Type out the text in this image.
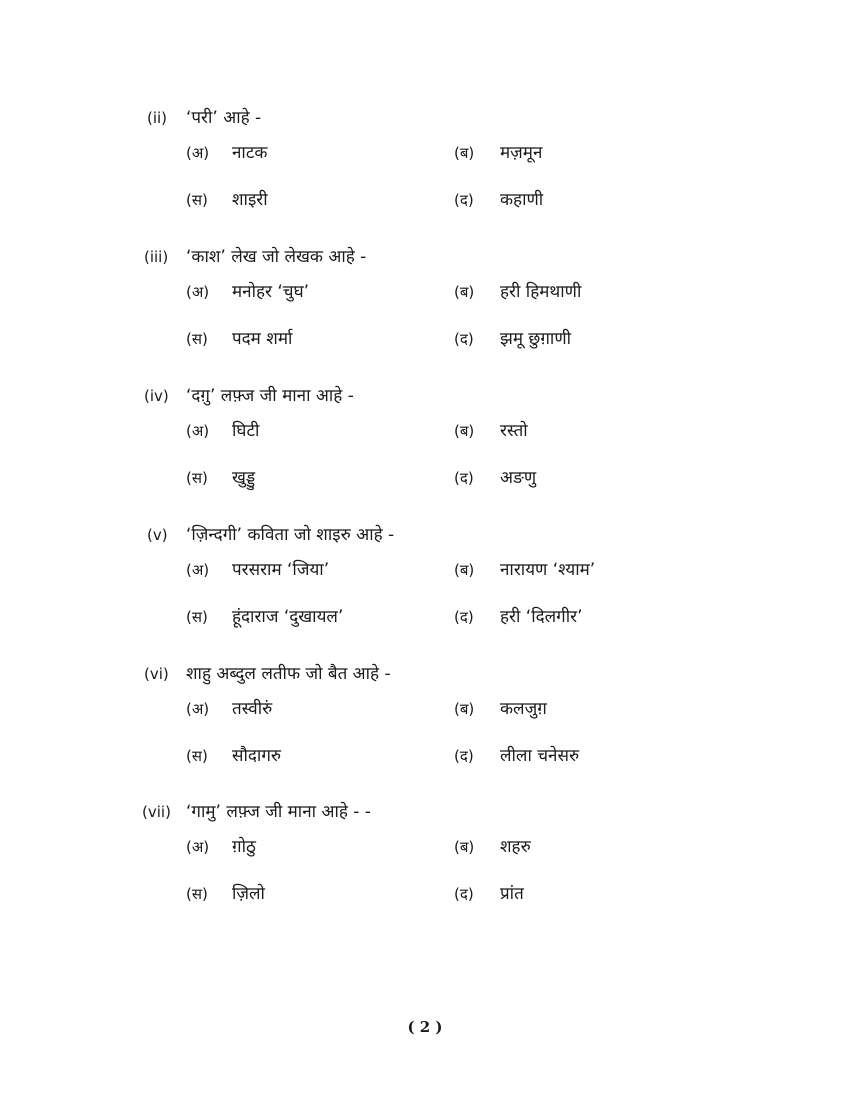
(ii)	‘परी’ आहे -
(अ) नाटक	(ब) मज़मून
(स) शाइरी	(द) कहाणी
(iii)	‘काश’ लेख जो लेखक आहे -
(अ) मनोहर ‘चुघ’	(ब) हरी हिमथाणी
(स) पदम शर्मा	(द) झमू छुग़ाणी
(iv)	‘दग़ु’ लफ़्ज जी माना आहे -
(अ) घिटी	(ब) रस्तो
(स) खुड्डु	(द) अङणु
(v)	‘ज़िन्दगी’ कविता जो शाइरु आहे -
(अ) परसराम ‘जिया’	(ब) नारायण ‘श्याम’
(स) हूंदाराज ‘दुखायल’	(द) हरी ‘दिलगीर’
(vi)	शाहु अब्दुल लतीफ जो बैत आहे -
(अ) तस्वीरुं	(ब) कलजुग़
(स) सौदागरु	(द) लीला चनेसरु
(vii) ‘गामु’ लफ़्ज जी माना आहे - -
(अ) ग़ोठु	(ब) शहरु
(स) ज़िलो	(द) प्रांत
( 2 )
